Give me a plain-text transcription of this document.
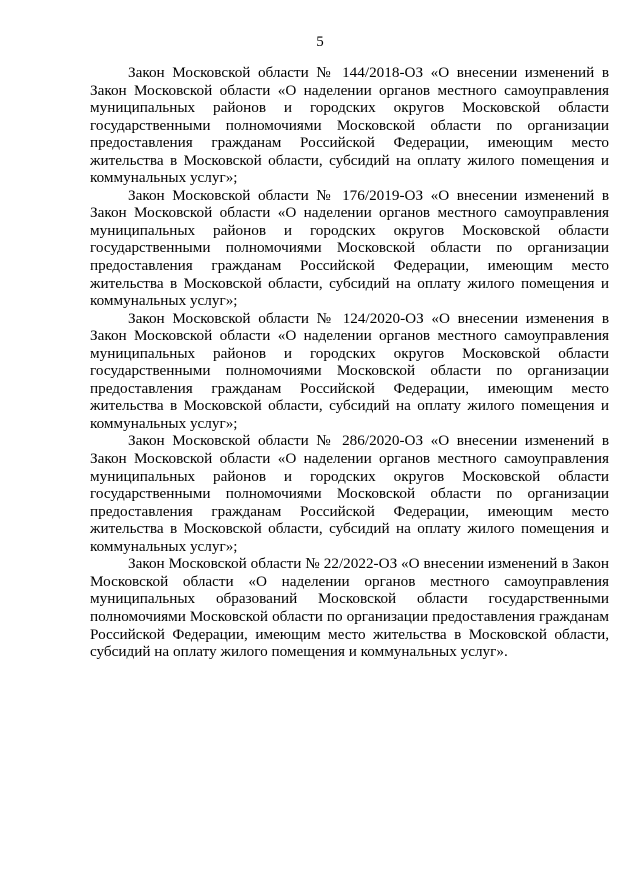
5

Закон Московской области № 144/2018-ОЗ «О внесении изменений в Закон Московской области «О наделении органов местного самоуправления муниципальных районов и городских округов Московской области государственными полномочиями Московской области по организации предоставления гражданам Российской Федерации, имеющим место жительства в Московской области, субсидий на оплату жилого помещения и коммунальных услуг»;

Закон Московской области № 176/2019-ОЗ «О внесении изменений в Закон Московской области «О наделении органов местного самоуправления муниципальных районов и городских округов Московской области государственными полномочиями Московской области по организации предоставления гражданам Российской Федерации, имеющим место жительства в Московской области, субсидий на оплату жилого помещения и коммунальных услуг»;

Закон Московской области № 124/2020-ОЗ «О внесении изменения в Закон Московской области «О наделении органов местного самоуправления муниципальных районов и городских округов Московской области государственными полномочиями Московской области по организации предоставления гражданам Российской Федерации, имеющим место жительства в Московской области, субсидий на оплату жилого помещения и коммунальных услуг»;

Закон Московской области № 286/2020-ОЗ «О внесении изменений в Закон Московской области «О наделении органов местного самоуправления муниципальных районов и городских округов Московской области государственными полномочиями Московской области по организации предоставления гражданам Российской Федерации, имеющим место жительства в Московской области, субсидий на оплату жилого помещения и коммунальных услуг»;

Закон Московской области № 22/2022-ОЗ «О внесении изменений в Закон Московской области «О наделении органов местного самоуправления муниципальных образований Московской области государственными полномочиями Московской области по организации предоставления гражданам Российской Федерации, имеющим место жительства в Московской области, субсидий на оплату жилого помещения и коммунальных услуг».
